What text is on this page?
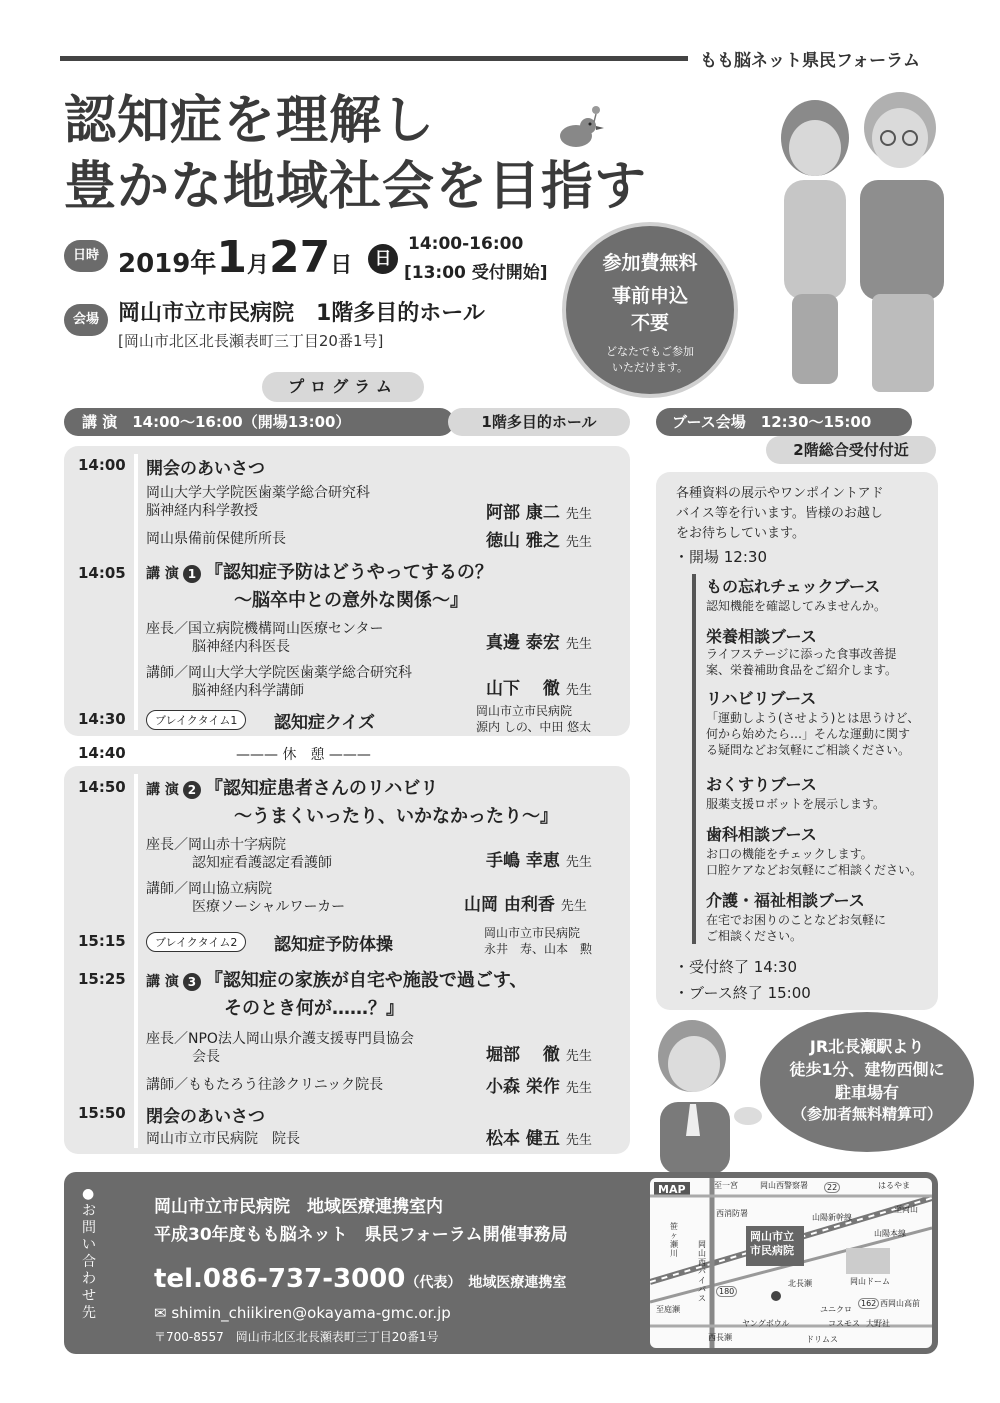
もも脳ネット県民フォーラム
認知症を理解し
豊かな地域社会を目指す
日時 2019年1月27日	日
14:00-16:00
[13:00 受付開始]
会場 岡山市立市民病院　1階多目的ホール
[岡山市北区北長瀬表町三丁目20番1号]
参加費無料
事前申込
不要
どなたでもご参加
いただけます。
プログラム
講 演　14:00〜16:00（開場13:00）	1階多目的ホール
14:00 開会のあいさつ
岡山大学大学院医歯薬学総合研究科
脳神経内科学教授	阿部 康二 先生
岡山県備前保健所所長	徳山 雅之 先生
14:05 講 演 1 『認知症予防はどうやってするの？
〜脳卒中との意外な関係〜』
座長／国立病院機構岡山医療センター
脳神経内科医長	真邊 泰宏 先生
講師／岡山大学大学院医歯薬学総合研究科
脳神経内科学講師	山下　 徹 先生
14:30	ブレイクタイム1	認知症クイズ
岡山市立市民病院
源内 しの、中田 悠太
14:40	——— 休　憩 ———
14:50 講 演 2 『認知症患者さんのリハビリ
〜うまくいったり、いかなかったり〜』
座長／岡山赤十字病院
認知症看護認定看護師	手嶋 幸恵 先生
講師／岡山協立病院
医療ソーシャルワーカー	山岡 由利香 先生
15:15	ブレイクタイム2	認知症予防体操
岡山市立市民病院
永井　寿、山本　勲
15:25 講 演 3 『認知症の家族が自宅や施設で過ごす、
そのとき何が……？』
座長／NPO法人岡山県介護支援専門員協会
会長	堀部　 徹 先生
講師／ももたろう往診クリニック院長	小森 栄作 先生
15:50 閉会のあいさつ
岡山市立市民病院　院長	松本 健五 先生
ブース会場　12:30〜15:00
2階総合受付付近
各種資料の展示やワンポイントアド
バイス等を行います。皆様のお越し
をお待ちしています。
・開場 12:30
もの忘れチェックブース
認知機能を確認してみませんか。
栄養相談ブース
ライフステージに添った食事改善提
案、栄養補助食品をご紹介します。
リハビリブース
「運動しよう(させよう)とは思うけど、
何から始めたら…」そんな運動に関す
る疑問などお気軽にご相談ください。
おくすりブース
服薬支援ロボットを展示します。
歯科相談ブース
お口の機能をチェックします。
口腔ケアなどお気軽にご相談ください。
介護・福祉相談ブース
在宅でお困りのことなどお気軽に
ご相談ください。
・受付終了 14:30
・ブース終了 15:00
JR北長瀬駅より
徒歩1分、建物西側に
駐車場有
（参加者無料精算可）
●お問い合わせ先
岡山市立市民病院　地域医療連携室内
平成30年度もも脳ネット　県民フォーラム開催事務局
tel.086-737-3000（代表）　地域医療連携室
✉ shimin_chiikiren@okayama-gmc.or.jp
〒700-8557　岡山市北区北長瀬表町三丁目20番1号
MAP
岡山市立
市民病院
至一宮	岡山西警察署	22	はるやま
西消防署	山陽新幹線
至岡山
山陽本線
笹ヶ瀬川
岡山西バイパス
180
北長瀬	岡山ドーム
至庭瀬	ユニクロ
162 西岡山高前
ヤングボウル	コスモス 大野社
西長瀬	ドリムス
